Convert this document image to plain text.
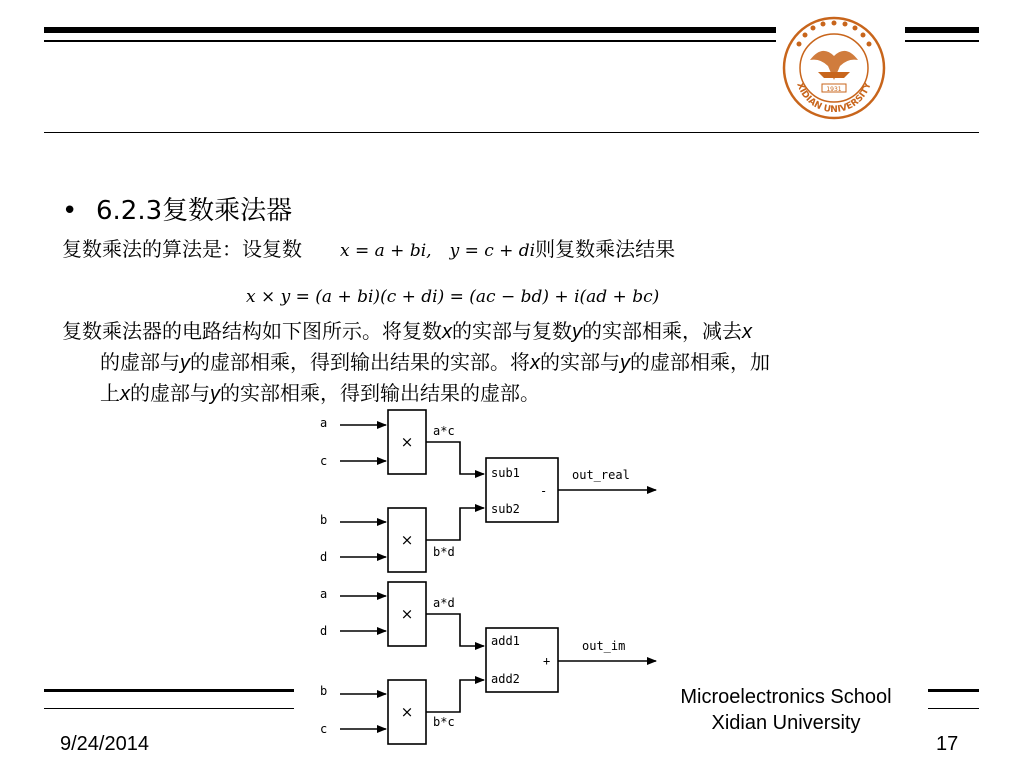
1931
XIDIAN UNIVERSITY
• 6.2.3复数乘法器
复数乘法的算法是：设复数 x = a + bi, y = c + di则复数乘法结果
x × y = (a + bi)(c + di) = (ac − bd) + i(ad + bc)
复数乘法器的电路结构如下图所示。将复数x的实部与复数y的实部相乘，减去x
的虚部与y的虚部相乘，得到输出结果的实部。将x的实部与y的虚部相乘，加
上x的虚部与y的实部相乘，得到输出结果的虚部。
×
×
×
×
a
c
b
d
a
d
b
c
a*c
b*d
a*d
b*c
sub1
sub2
-
out_real
add1
add2
+
out_im
9/24/2014
Microelectronics School
Xidian University
17
